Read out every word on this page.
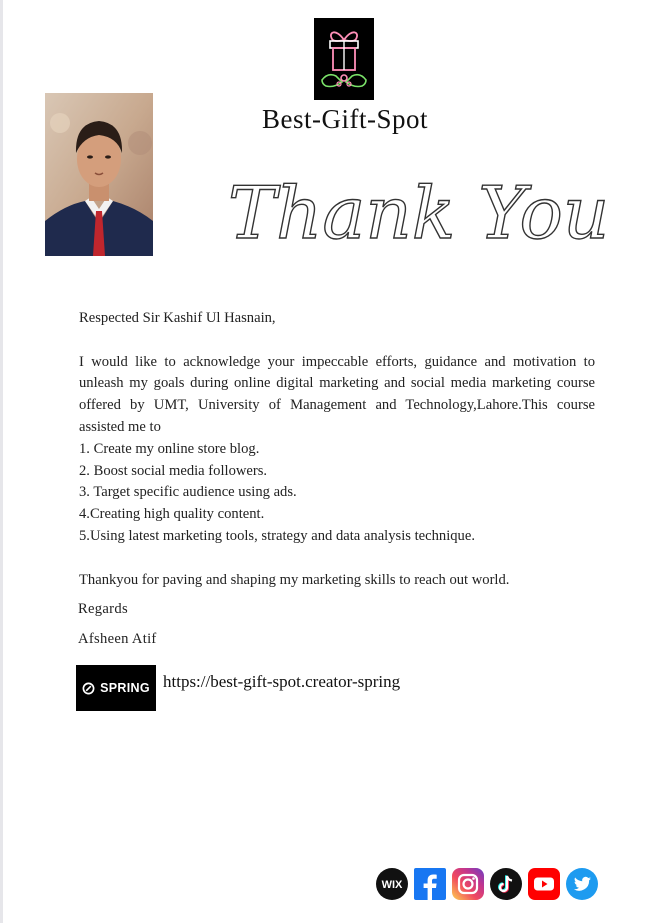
Best-Gift-Spot
Thank You

Respected Sir Kashif Ul Hasnain,

I would like to acknowledge your impeccable efforts, guidance and motivation to unleash my goals during online digital marketing and social media marketing course offered by UMT, University of Management and Technology,Lahore.This course assisted me to

1. Create my online store blog.

2. Boost social media followers.

3. Target specific audience using ads.

4.Creating high quality content.

5.Using latest marketing tools, strategy and data analysis technique.

Thankyou for paving and shaping my marketing skills to reach out world.

Regards
Afsheen Atif
SPRING https://best-gift-spot.creator-spring
WIX
